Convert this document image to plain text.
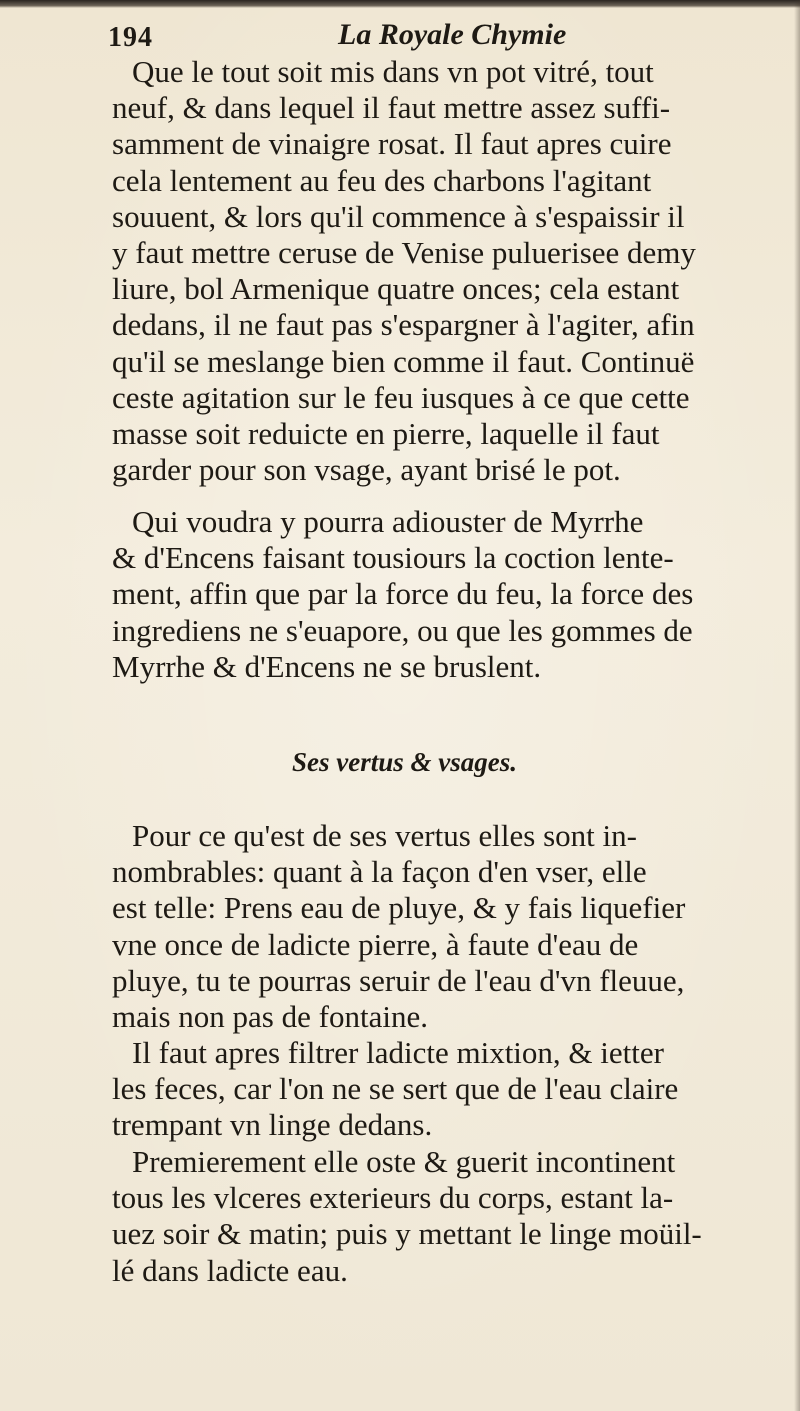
194	La Royale Chymie
Que le tout soit mis dans vn pot vitré, tout
neuf, & dans lequel il faut mettre assez suffi-
samment de vinaigre rosat. Il faut apres cuire
cela lentement au feu des charbons l'agitant
souuent, & lors qu'il commence à s'espaissir il
y faut mettre ceruse de Venise puluerisee demy
liure, bol Armenique quatre onces; cela estant
dedans, il ne faut pas s'espargner à l'agiter, afin
qu'il se meslange bien comme il faut. Continuë
ceste agitation sur le feu iusques à ce que cette
masse soit reduicte en pierre, laquelle il faut
garder pour son vsage, ayant brisé le pot.
Qui voudra y pourra adiouster de Myrrhe
& d'Encens faisant tousiours la coction lente-
ment, affin que par la force du feu, la force des
ingrediens ne s'euapore, ou que les gommes de
Myrrhe & d'Encens ne se bruslent.
Ses vertus & vsages.
Pour ce qu'est de ses vertus elles sont in-
nombrables: quant à la façon d'en vser, elle
est telle: Prens eau de pluye, & y fais liquefier
vne once de ladicte pierre, à faute d'eau de
pluye, tu te pourras seruir de l'eau d'vn fleuue,
mais non pas de fontaine.
Il faut apres filtrer ladicte mixtion, & ietter
les feces, car l'on ne se sert que de l'eau claire
trempant vn linge dedans.
Premierement elle oste & guerit incontinent
tous les vlceres exterieurs du corps, estant la-
uez soir & matin; puis y mettant le linge moüil-
lé dans ladicte eau.
